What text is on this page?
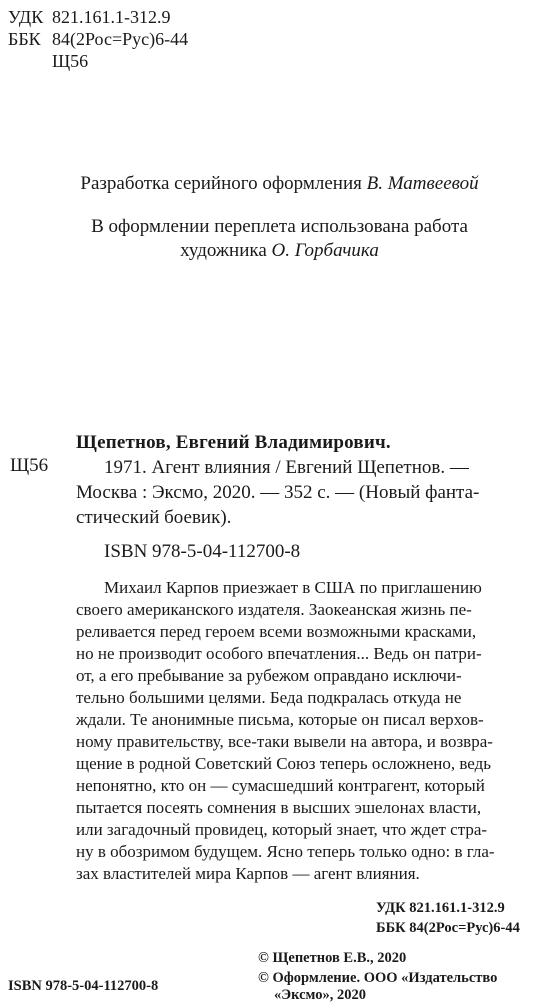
УДК 821.161.1-312.9
ББК 84(2Рос=Рус)6-44
Щ56
Разработка серийного оформления В. Матвеевой
В оформлении переплета использована работа
художника О. Горбачика
Щепетнов, Евгений Владимирович.
Щ56	1971. Агент влияния / Евгений Щепетнов. —
Москва : Эксмо, 2020. — 352 с. — (Новый фанта-
стический боевик).
ISBN 978-5-04-112700-8
Михаил Карпов приезжает в США по приглашению
своего американского издателя. Заокеанская жизнь пе-
реливается перед героем всеми возможными красками,
но не производит особого впечатления... Ведь он патри-
от, а его пребывание за рубежом оправдано исключи-
тельно большими целями. Беда подкралась откуда не
ждали. Те анонимные письма, которые он писал верхов-
ному правительству, все-таки вывели на автора, и возвра-
щение в родной Советский Союз теперь осложнено, ведь
непонятно, кто он — сумасшедший контрагент, который
пытается посеять сомнения в высших эшелонах власти,
или загадочный провидец, который знает, что ждет стра-
ну в обозримом будущем. Ясно теперь только одно: в гла-
зах властителей мира Карпов — агент влияния.
УДК 821.161.1-312.9
ББК 84(2Рос=Рус)6-44
© Щепетнов Е.В., 2020
© Оформление. ООО «Издательство
«Эксмо», 2020
ISBN 978-5-04-112700-8
